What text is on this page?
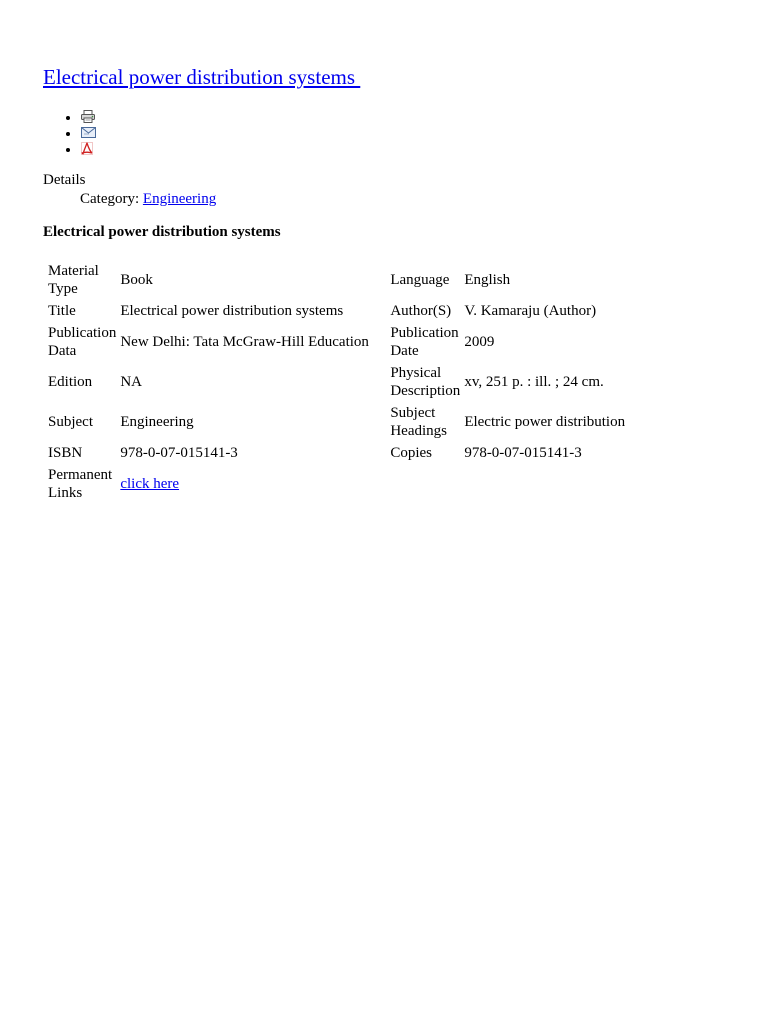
Electrical power distribution systems
•
•
•
Details
Category: Engineering
Electrical power distribution systems
Material Type	Book	Language	English
Title	Electrical power distribution systems	Author(S)	V. Kamaraju (Author)
Publication Data	New Delhi: Tata McGraw-Hill Education	Publication Date	2009
Edition	NA	Physical Description	xv, 251 p. : ill. ; 24 cm.
Subject	Engineering	Subject Headings	Electric power distribution
ISBN	978-0-07-015141-3	Copies	978-0-07-015141-3
Permanent Links	click here		
